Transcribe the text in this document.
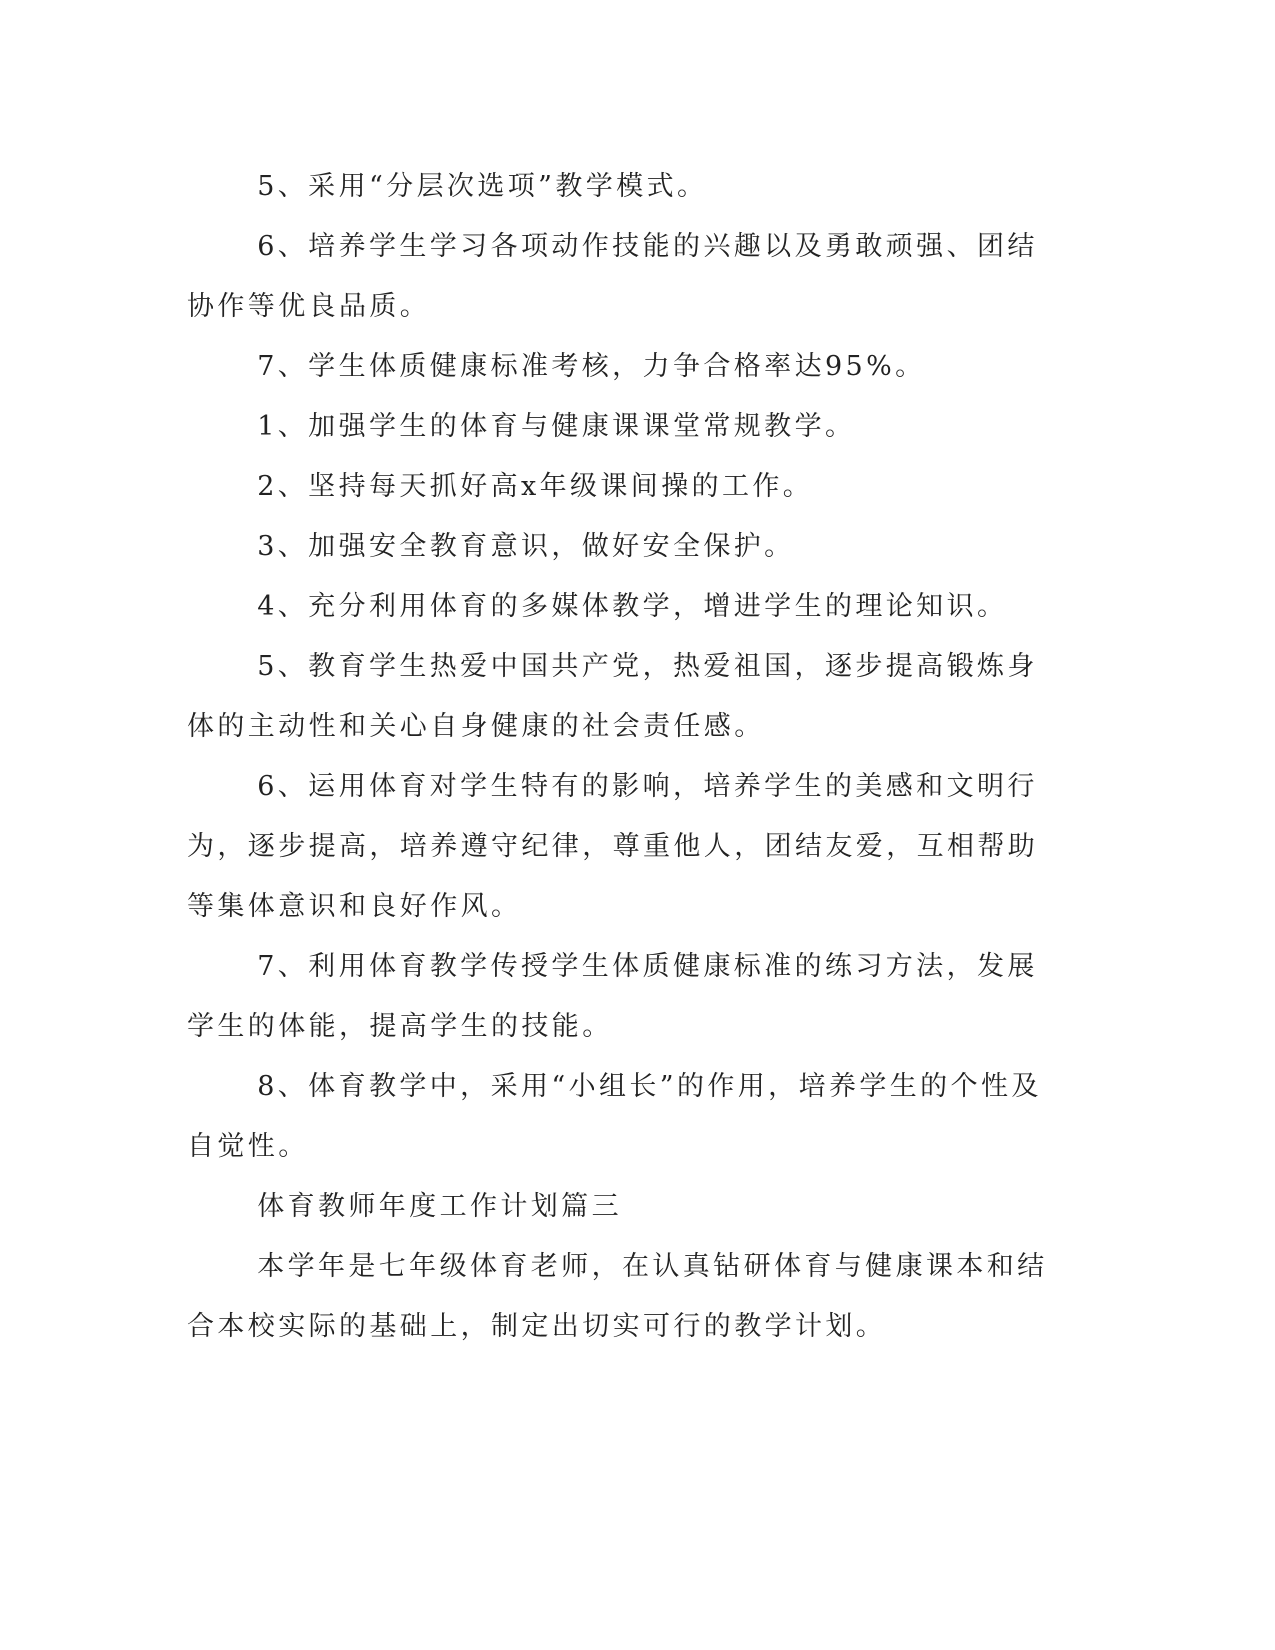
5、采用“分层次选项”教学模式。

6、培养学生学习各项动作技能的兴趣以及勇敢顽强、团结协作等优良品质。

7、学生体质健康标准考核，力争合格率达95%。

1、加强学生的体育与健康课课堂常规教学。

2、坚持每天抓好高x年级课间操的工作。

3、加强安全教育意识，做好安全保护。

4、充分利用体育的多媒体教学，增进学生的理论知识。

5、教育学生热爱中国共产党，热爱祖国，逐步提高锻炼身体的主动性和关心自身健康的社会责任感。

6、运用体育对学生特有的影响，培养学生的美感和文明行为，逐步提高，培养遵守纪律，尊重他人，团结友爱，互相帮助等集体意识和良好作风。

7、利用体育教学传授学生体质健康标准的练习方法，发展学生的体能，提高学生的技能。

8、体育教学中，采用“小组长”的作用，培养学生的个性及自觉性。

体育教师年度工作计划篇三

本学年是七年级体育老师，在认真钻研体育与健康课本和结合本校实际的基础上，制定出切实可行的教学计划。
